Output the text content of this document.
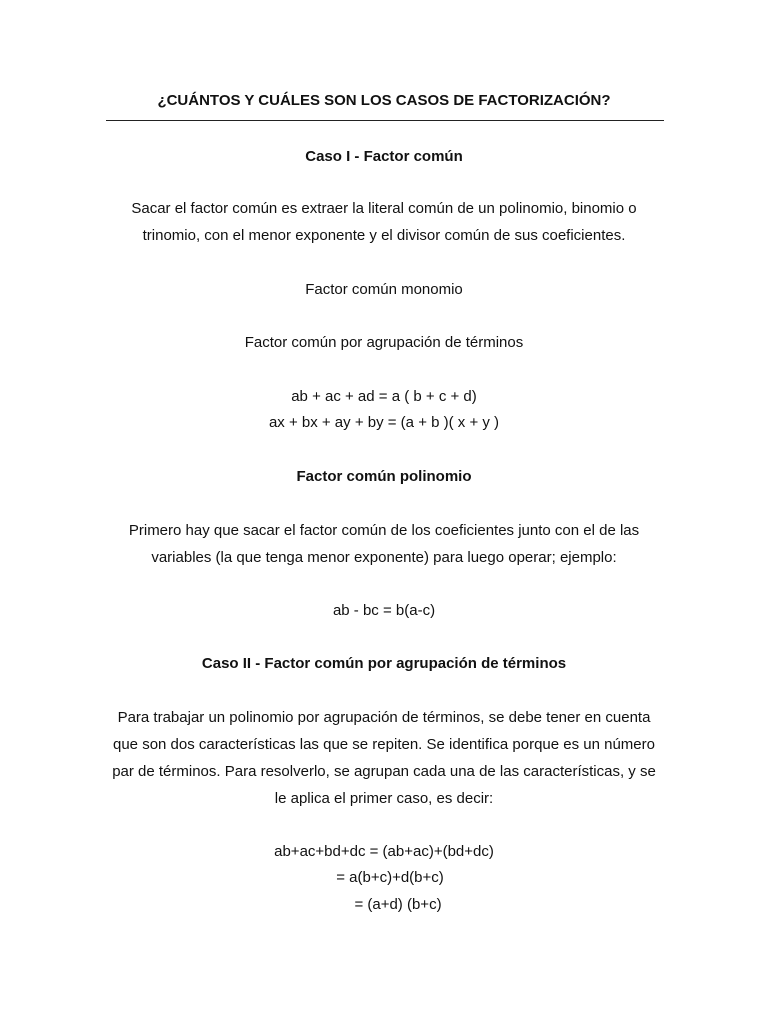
¿CUÁNTOS Y CUÁLES SON LOS CASOS DE FACTORIZACIÓN?
Caso I - Factor común
Sacar el factor común es extraer la literal común de un polinomio, binomio o
trinomio, con el menor exponente y el divisor común de sus coeficientes.
Factor común monomio
Factor común por agrupación de términos
ab + ac + ad = a ( b + c + d)
ax + bx + ay + by = (a + b )( x + y )
Factor común polinomio
Primero hay que sacar el factor común de los coeficientes junto con el de las
variables (la que tenga menor exponente) para luego operar; ejemplo:
ab - bc = b(a-c)
Caso II - Factor común por agrupación de términos
Para trabajar un polinomio por agrupación de términos, se debe tener en cuenta
que son dos características las que se repiten. Se identifica porque es un número
par de términos. Para resolverlo, se agrupan cada una de las características, y se
le aplica el primer caso, es decir:
ab+ac+bd+dc = (ab+ac)+(bd+dc)
= a(b+c)+d(b+c)
= (a+d) (b+c)
